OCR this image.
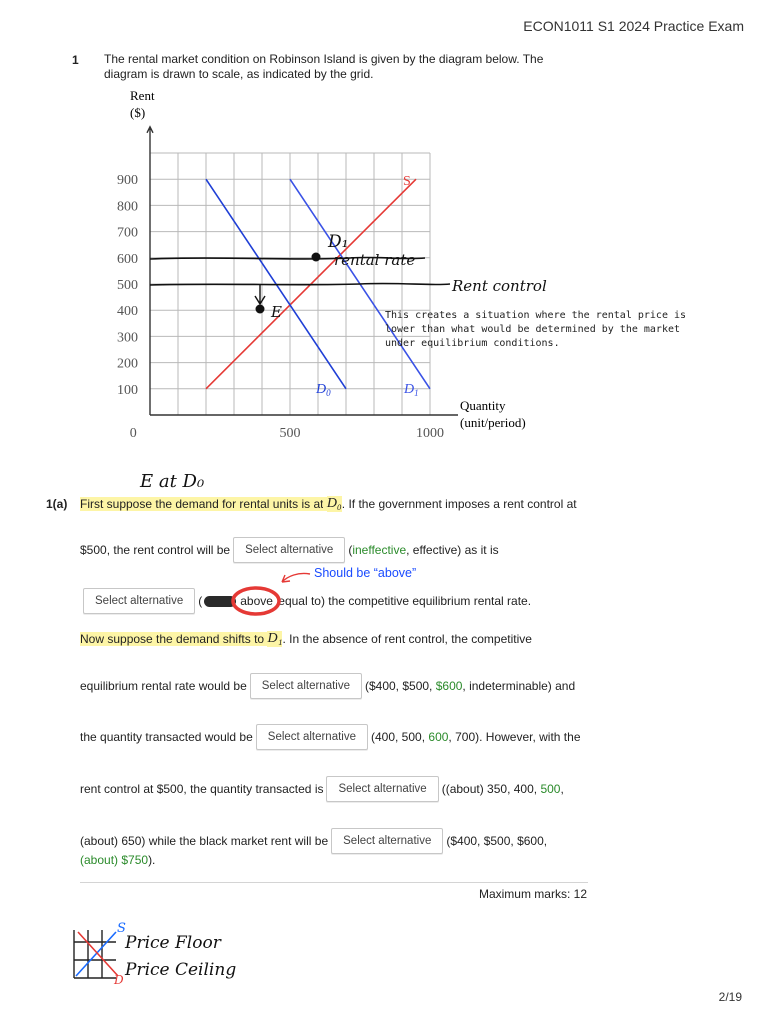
ECON1011 S1 2024 Practice Exam
1 The rental market condition on Robinson Island is given by the diagram below. The diagram is drawn to scale, as indicated by the grid.
Rent
($)
Quantity
(unit/period)
100
200
300
400
500
600
700
800
900
0	500	1000
S
$D_0$	$D_1$
D₁
rental rate
Rent control
E	This creates a situation where the rental price is lower than what would be determined by the market under equilibrium conditions.
E at D₀
1(a) First suppose the demand for rental units is at
D₀ . If the government imposes a rent control at
$500, the rent control will be	Select alternative	( ineffective , effective) as it is
Should be “above”
Select alternative	(	above
equal to) the competitive equilibrium rental rate.
Now suppose the demand shifts to
D₁ . In the absence of rent control, the competitive
equilibrium rental rate would be	Select alternative	($400, $500,
$600 , indeterminable) and
the quantity transacted would be	Select alternative	(400, 500,
600 , 700). However, with the
rent control at $500, the quantity transacted is	Select alternative	((about) 350, 400,
500 ,
(about) 650) while the black market rent will be	Select alternative	($400, $500, $600,
(about) $750 ).
Maximum marks: 12
S
D
Price Floor
Price Ceiling
2/19
